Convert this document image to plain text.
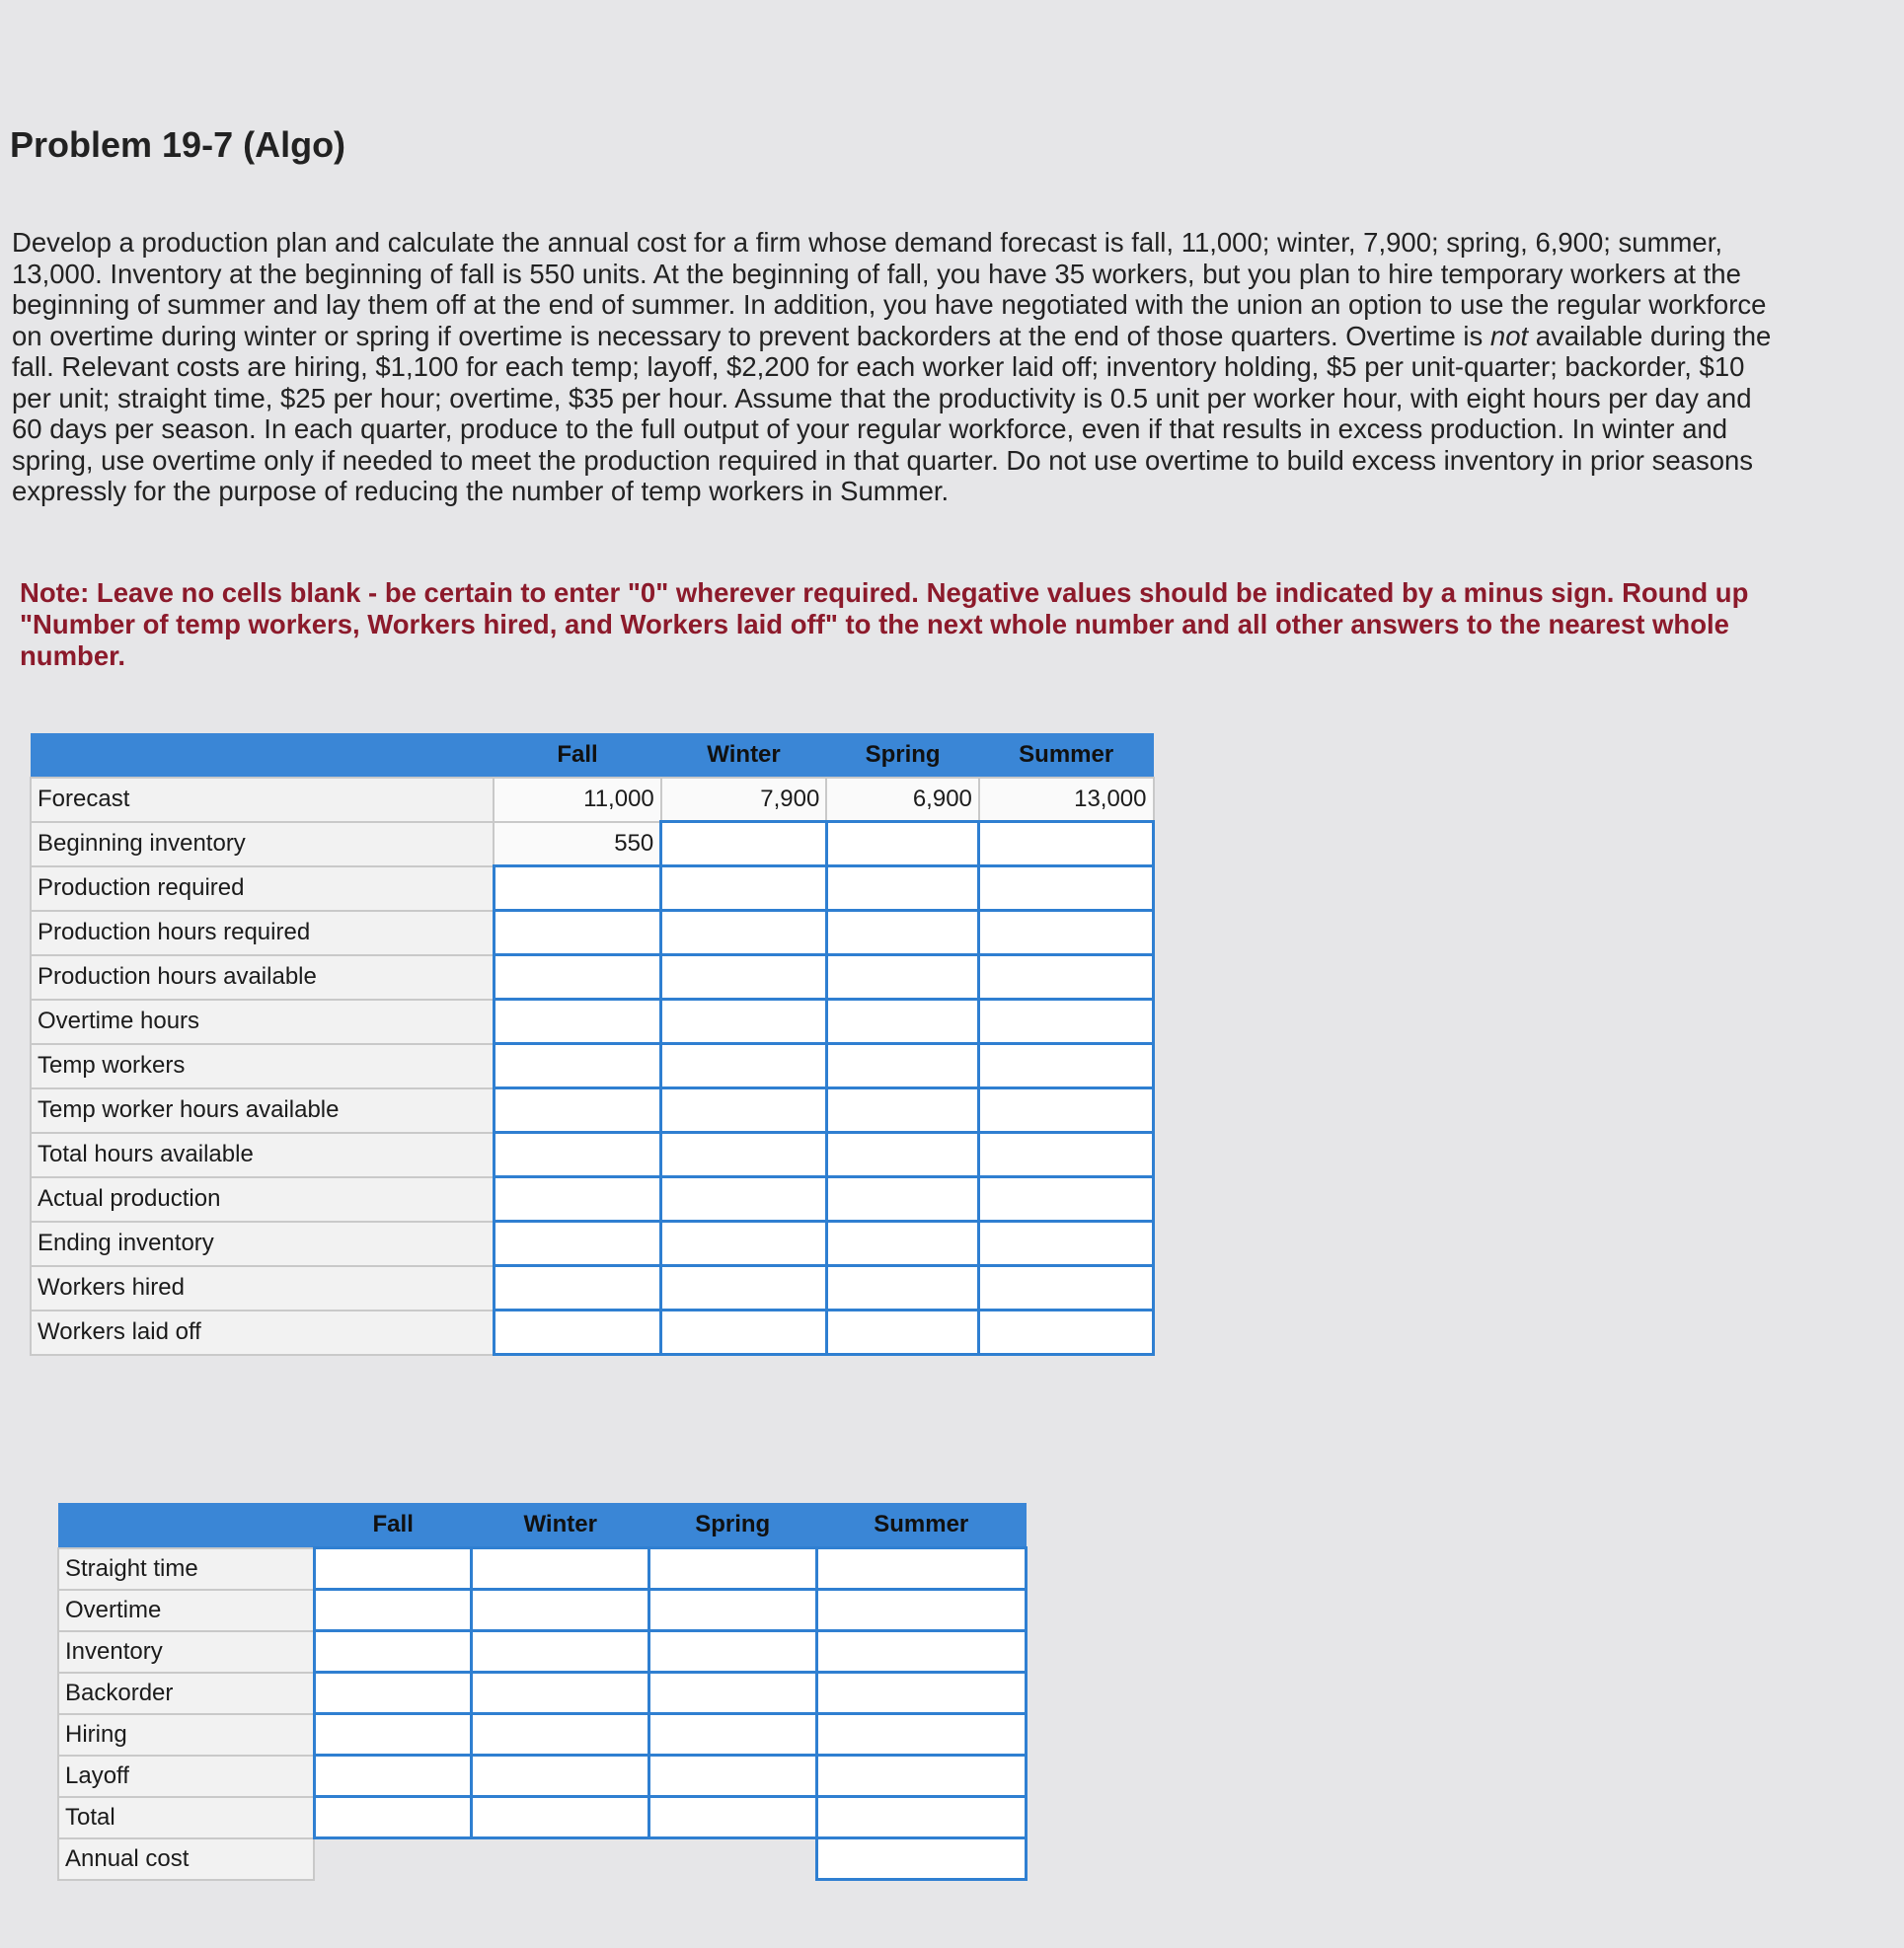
Problem 19-7 (Algo)

Develop a production plan and calculate the annual cost for a firm whose demand forecast is fall, 11,000; winter, 7,900; spring, 6,900; summer, 13,000. Inventory at the beginning of fall is 550 units. At the beginning of fall, you have 35 workers, but you plan to hire temporary workers at the beginning of summer and lay them off at the end of summer. In addition, you have negotiated with the union an option to use the regular workforce on overtime during winter or spring if overtime is necessary to prevent backorders at the end of those quarters. Overtime is not available during the fall. Relevant costs are hiring, $1,100 for each temp; layoff, $2,200 for each worker laid off; inventory holding, $5 per unit-quarter; backorder, $10 per unit; straight time, $25 per hour; overtime, $35 per hour. Assume that the productivity is 0.5 unit per worker hour, with eight hours per day and 60 days per season. In each quarter, produce to the full output of your regular workforce, even if that results in excess production. In winter and spring, use overtime only if needed to meet the production required in that quarter. Do not use overtime to build excess inventory in prior seasons expressly for the purpose of reducing the number of temp workers in Summer.

Note: Leave no cells blank - be certain to enter "0" wherever required. Negative values should be indicated by a minus sign. Round up "Number of temp workers, Workers hired, and Workers laid off" to the next whole number and all other answers to the nearest whole number.

	Fall	Winter	Spring	Summer
Forecast	11,000	7,900	6,900	13,000
Beginning inventory	550			
Production required				
Production hours required				
Production hours available				
Overtime hours				
Temp workers				
Temp worker hours available				
Total hours available				
Actual production				
Ending inventory				
Workers hired				
Workers laid off				
	Fall	Winter	Spring	Summer
Straight time				
Overtime				
Inventory				
Backorder				
Hiring				
Layoff				
Total				
Annual cost				
